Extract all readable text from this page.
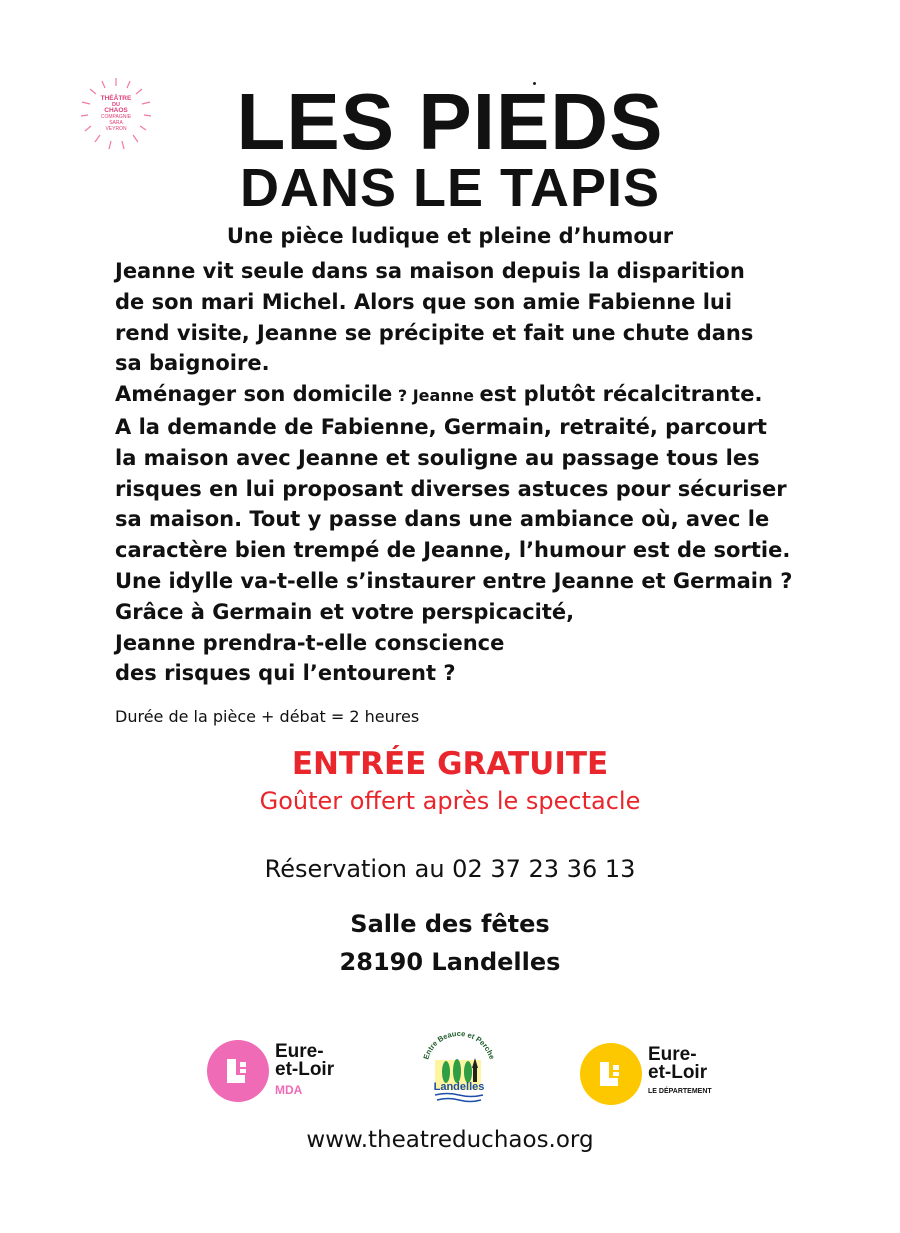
THÉÂTRE
DU
CHAOS
COMPAGNIE
SARA
VEYRON	LES PIEDS
DANS LE TAPIS
Une pièce ludique et pleine d’humour
Jeanne vit seule dans sa maison depuis la disparition
de son mari Michel. Alors que son amie Fabienne lui
rend visite, Jeanne se précipite et fait une chute dans
sa baignoire.
Aménager son domicile ? Jeanne est plutôt récalcitrante.
A la demande de Fabienne, Germain, retraité, parcourt
la maison avec Jeanne et souligne au passage tous les
risques en lui proposant diverses astuces pour sécuriser
sa maison. Tout y passe dans une ambiance où, avec le
caractère bien trempé de Jeanne, l’humour est de sortie.
Une idylle va-t-elle s’instaurer entre Jeanne et Germain ?
Grâce à Germain et votre perspicacité,
Jeanne prendra-t-elle conscience
des risques qui l’entourent ?
Durée de la pièce + débat = 2 heures
ENTRÉE GRATUITE
Goûter offert après le spectacle
Réservation au 02 37 23 36 13
Salle des fêtes
28190 Landelles
Eure-
et-Loir
MDA
Entre Beauce et Perche
Landelles
Eure-
et-Loir
LE DÉPARTEMENT
www.theatreduchaos.org
